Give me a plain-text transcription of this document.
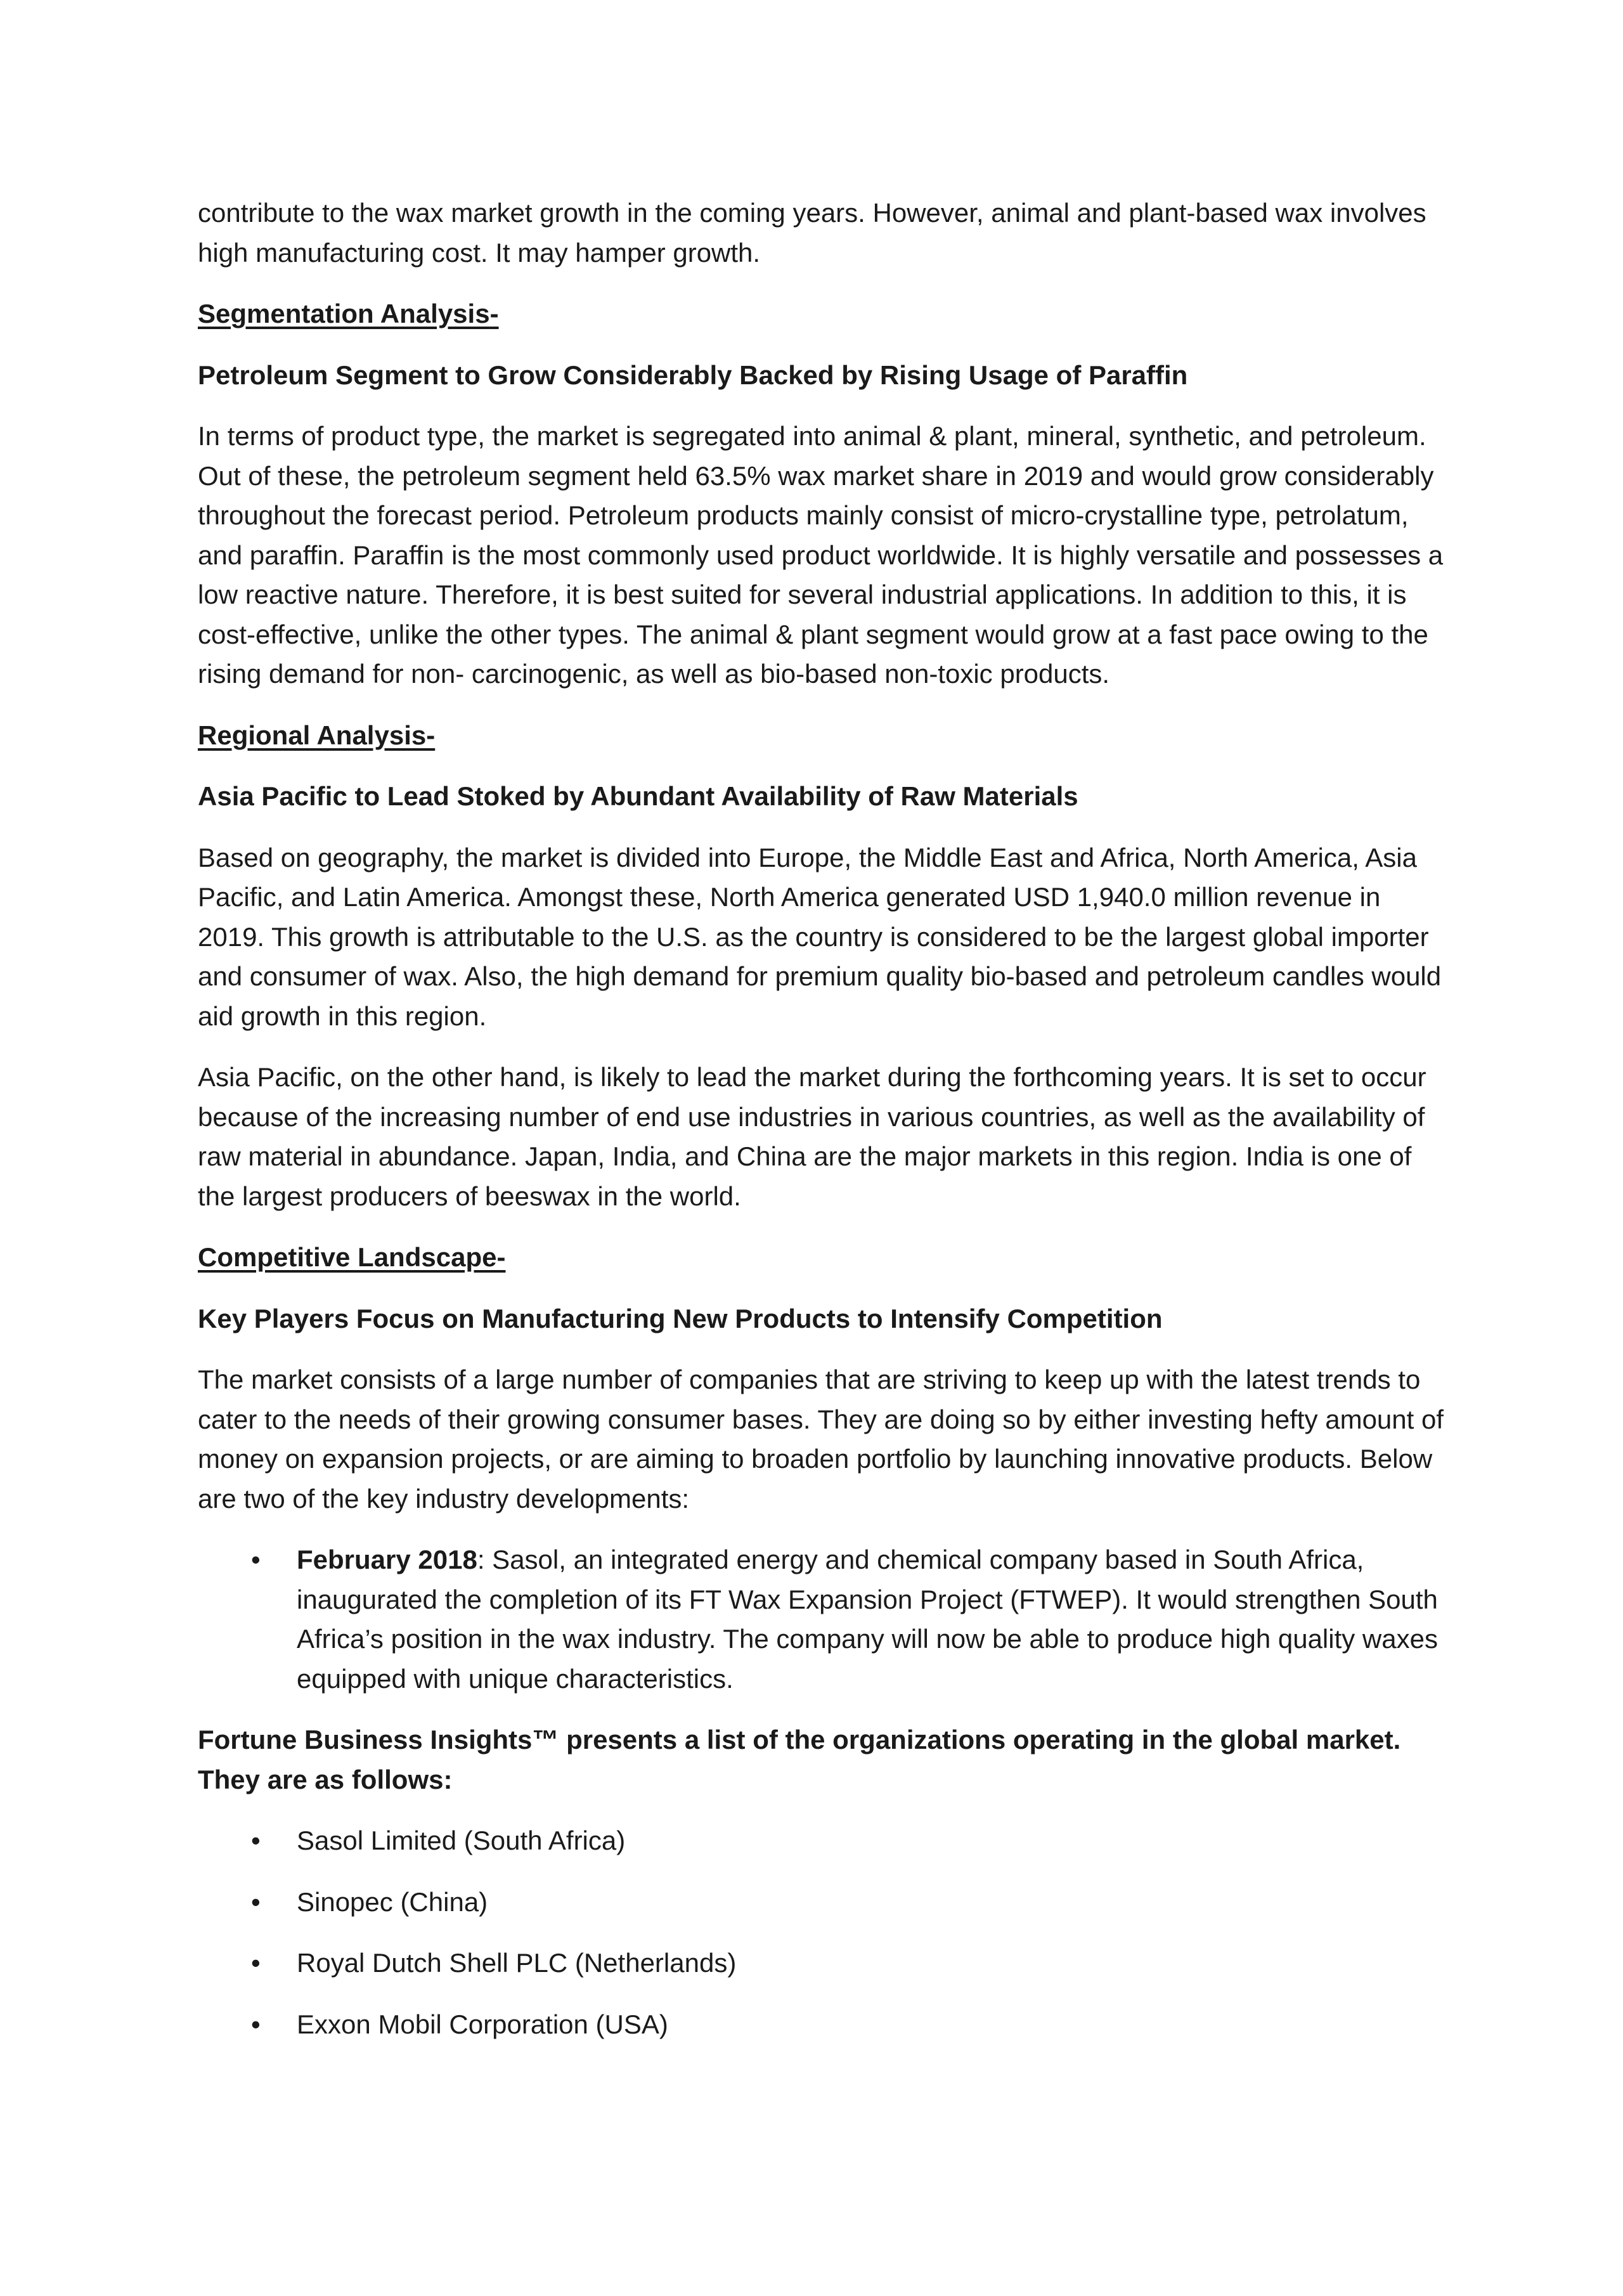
contribute to the wax market growth in the coming years. However, animal and plant-based wax involves high manufacturing cost. It may hamper growth.

Segmentation Analysis-

Petroleum Segment to Grow Considerably Backed by Rising Usage of Paraffin

In terms of product type, the market is segregated into animal & plant, mineral, synthetic, and petroleum. Out of these, the petroleum segment held 63.5% wax market share in 2019 and would grow considerably throughout the forecast period. Petroleum products mainly consist of micro-crystalline type, petrolatum, and paraffin. Paraffin is the most commonly used product worldwide. It is highly versatile and possesses a low reactive nature. Therefore, it is best suited for several industrial applications. In addition to this, it is cost-effective, unlike the other types. The animal & plant segment would grow at a fast pace owing to the rising demand for non- carcinogenic, as well as bio-based non-toxic products.

Regional Analysis-

Asia Pacific to Lead Stoked by Abundant Availability of Raw Materials

Based on geography, the market is divided into Europe, the Middle East and Africa, North America, Asia Pacific, and Latin America. Amongst these, North America generated USD 1,940.0 million revenue in 2019. This growth is attributable to the U.S. as the country is considered to be the largest global importer and consumer of wax. Also, the high demand for premium quality bio-based and petroleum candles would aid growth in this region.

Asia Pacific, on the other hand, is likely to lead the market during the forthcoming years. It is set to occur because of the increasing number of end use industries in various countries, as well as the availability of raw material in abundance. Japan, India, and China are the major markets in this region. India is one of the largest producers of beeswax in the world.

Competitive Landscape-

Key Players Focus on Manufacturing New Products to Intensify Competition

The market consists of a large number of companies that are striving to keep up with the latest trends to cater to the needs of their growing consumer bases. They are doing so by either investing hefty amount of money on expansion projects, or are aiming to broaden portfolio by launching innovative products. Below are two of the key industry developments:

• February 2018: Sasol, an integrated energy and chemical company based in South Africa, inaugurated the completion of its FT Wax Expansion Project (FTWEP). It would strengthen South Africa’s position in the wax industry. The company will now be able to produce high quality waxes equipped with unique characteristics.

Fortune Business Insights™ presents a list of the organizations operating in the global market. They are as follows:

• Sasol Limited (South Africa)
• Sinopec (China)
• Royal Dutch Shell PLC (Netherlands)
• Exxon Mobil Corporation (USA)
